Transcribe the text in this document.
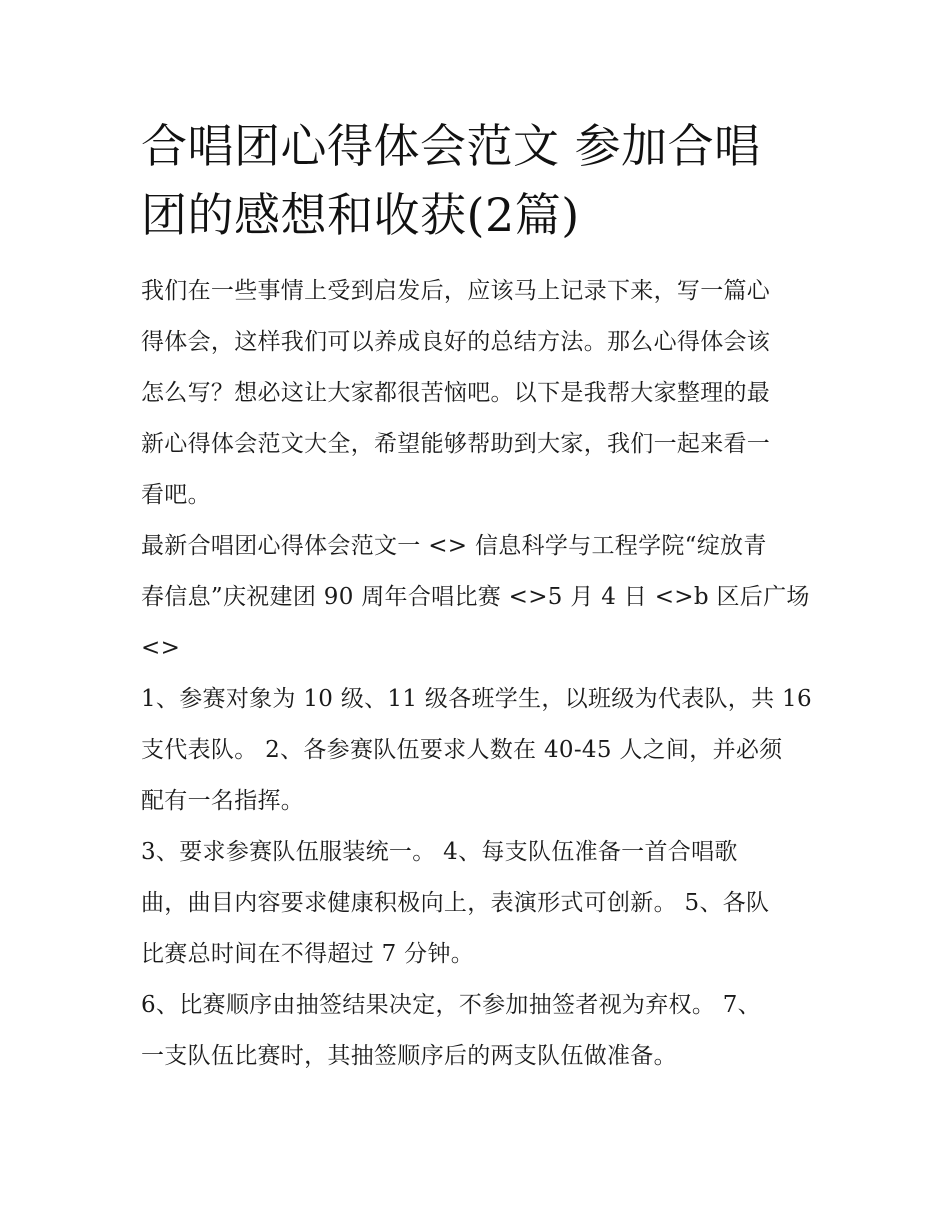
合唱团心得体会范文 参加合唱
团的感想和收获(2篇)

我们在一些事情上受到启发后，应该马上记录下来，写一篇心
得体会，这样我们可以养成良好的总结方法。那么心得体会该
怎么写？想必这让大家都很苦恼吧。以下是我帮大家整理的最
新心得体会范文大全，希望能够帮助到大家，我们一起来看一
看吧。

最新合唱团心得体会范文一 <> 信息科学与工程学院“绽放青
春信息”庆祝建团 90 周年合唱比赛 <>5 月 4 日 <>b 区后广场
<>

1、参赛对象为 10 级、11 级各班学生，以班级为代表队，共 16
支代表队。 2、各参赛队伍要求人数在 40-45 人之间，并必须
配有一名指挥。

3、要求参赛队伍服装统一。 4、每支队伍准备一首合唱歌
曲，曲目内容要求健康积极向上，表演形式可创新。 5、各队
比赛总时间在不得超过 7 分钟。

6、比赛顺序由抽签结果决定，不参加抽签者视为弃权。 7、
一支队伍比赛时，其抽签顺序后的两支队伍做准备。
